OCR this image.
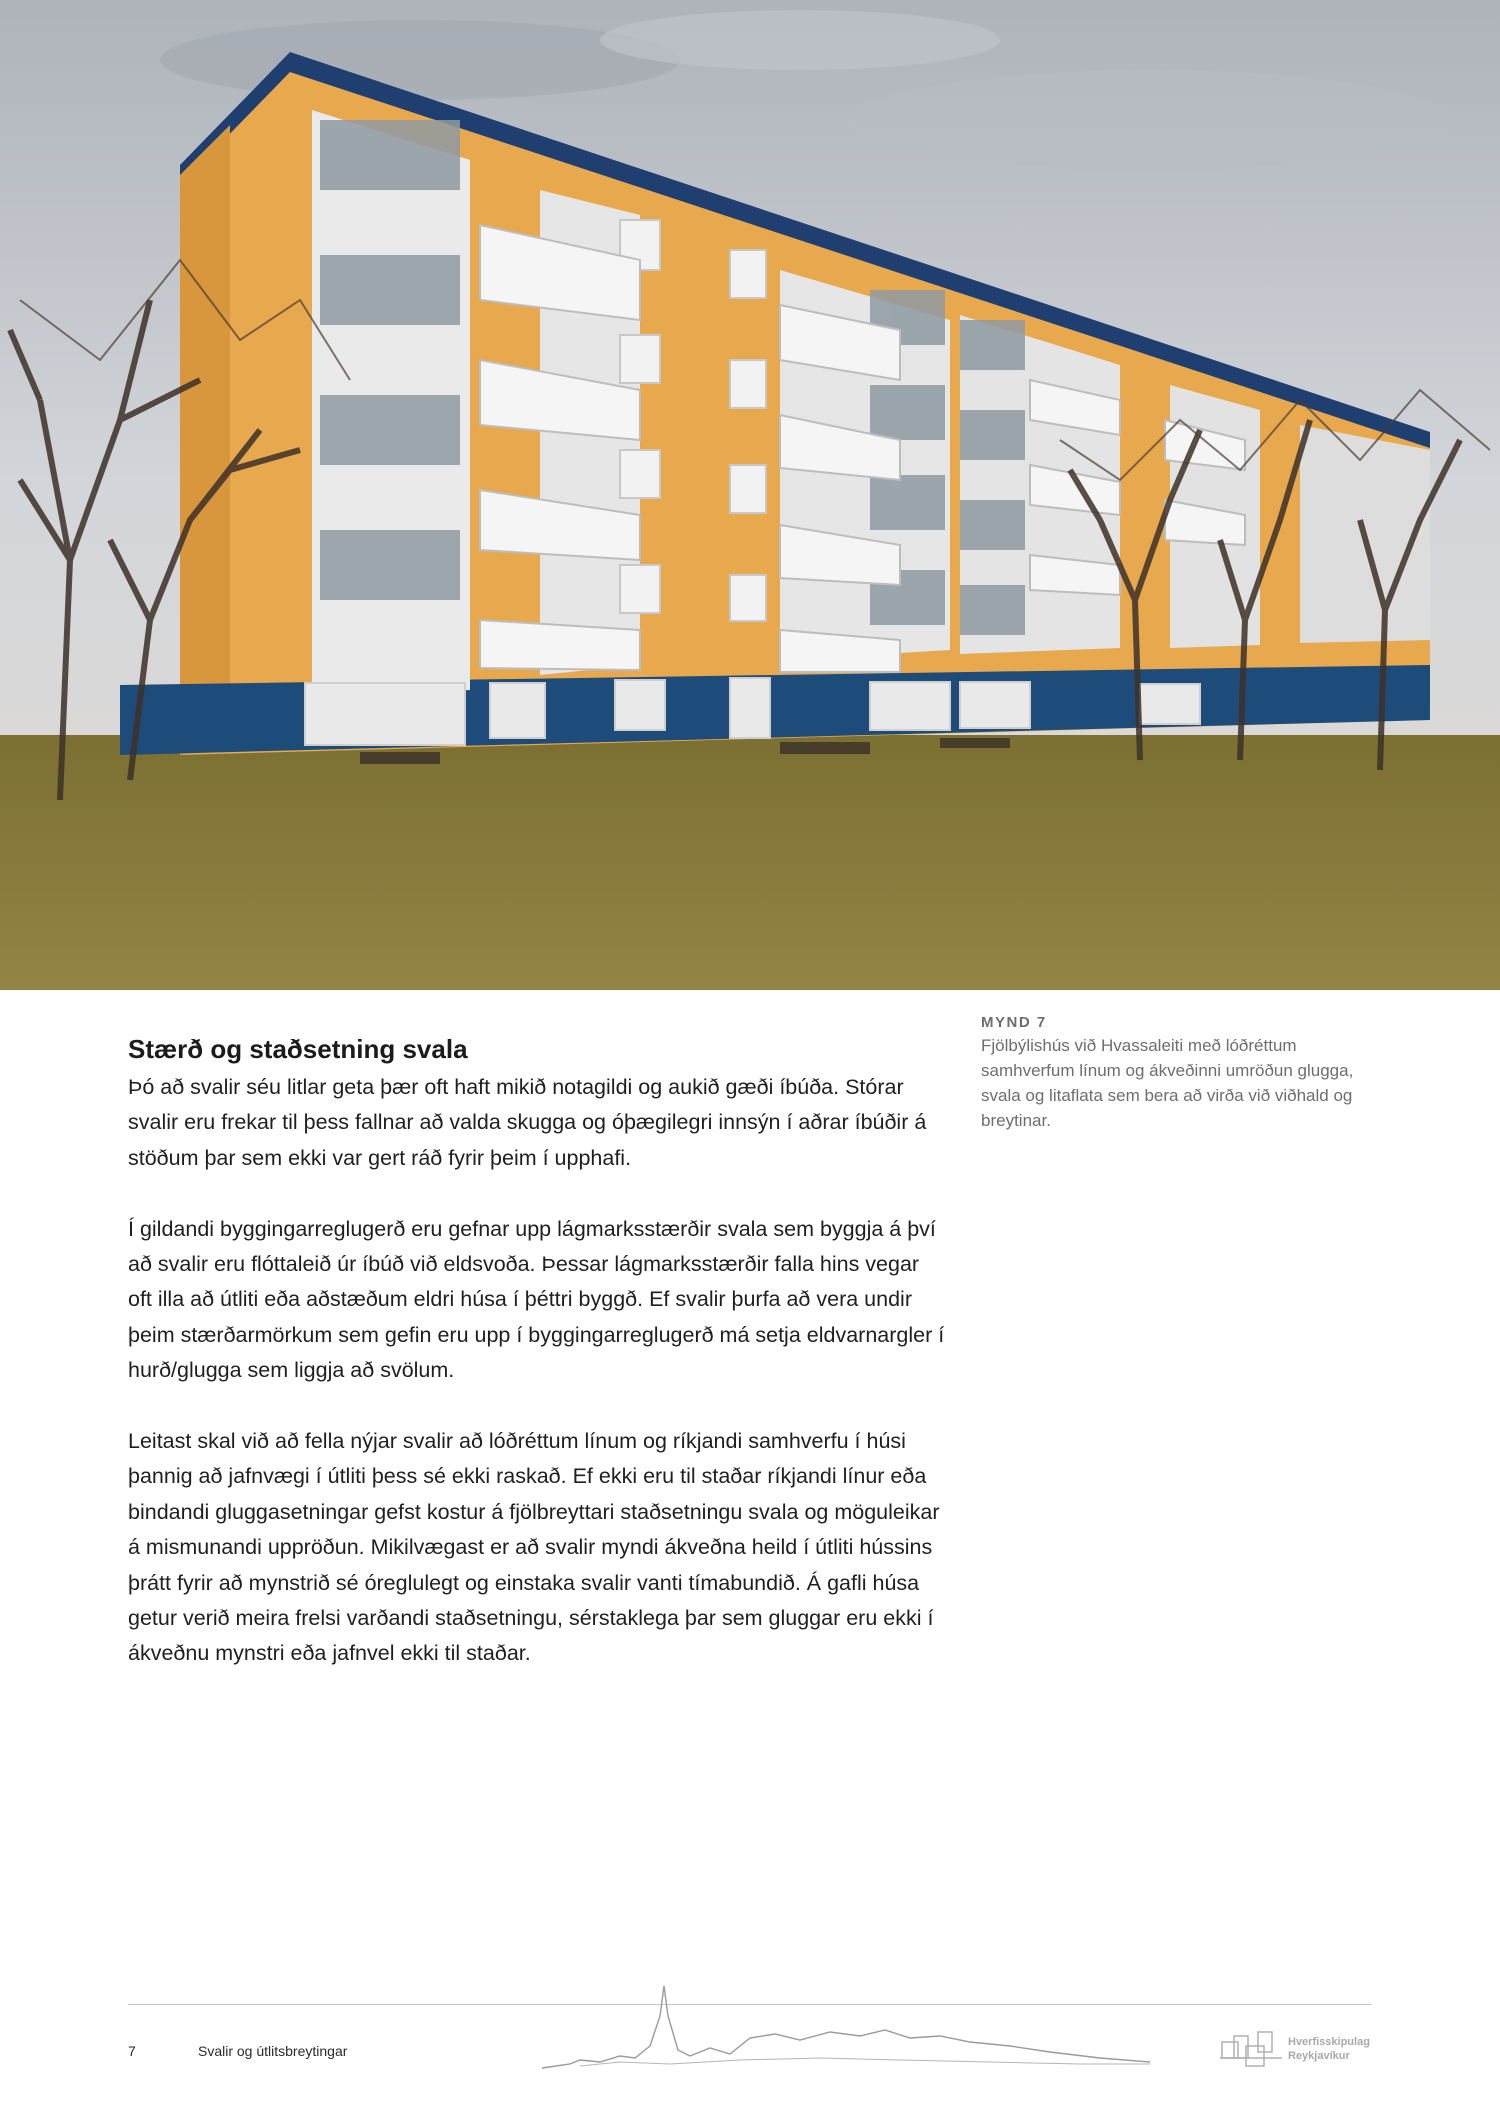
Stærð og staðsetning svala

Þó að svalir séu litlar geta þær oft haft mikið notagildi og aukið gæði íbúða. Stórar svalir eru frekar til þess fallnar að valda skugga og óþægilegri innsýn í aðrar íbúðir á stöðum þar sem ekki var gert ráð fyrir þeim í upphafi.

Í gildandi byggingarreglugerð eru gefnar upp lágmarksstærðir svala sem byggja á því að svalir eru flóttaleið úr íbúð við eldsvoða. Þessar lágmarksstærðir falla hins vegar oft illa að útliti eða aðstæðum eldri húsa í þéttri byggð. Ef svalir þurfa að vera undir þeim stærðarmörkum sem gefin eru upp í byggingarreglugerð má setja eldvarnargler í hurð/glugga sem liggja að svölum.

Leitast skal við að fella nýjar svalir að lóðréttum línum og ríkjandi samhverfu í húsi þannig að jafnvægi í útliti þess sé ekki raskað. Ef ekki eru til staðar ríkjandi línur eða bindandi gluggasetningar gefst kostur á fjölbreyttari staðsetningu svala og möguleikar á mismunandi uppröðun. Mikilvægast er að svalir myndi ákveðna heild í útliti hússins þrátt fyrir að mynstrið sé óreglulegt og einstaka svalir vanti tímabundið. Á gafli húsa getur verið meira frelsi varðandi staðsetningu, sérstaklega þar sem gluggar eru ekki í ákveðnu mynstri eða jafnvel ekki til staðar.

MYND 7
Fjölbýlishús við Hvassaleiti með lóðréttum samhverfum línum og ákveðinni umröðun glugga, svala og litaflata sem bera að virða við viðhald og breytinar.
7	Svalir og útlitsbreytingar
Hverfisskipulag
Reykjavíkur
